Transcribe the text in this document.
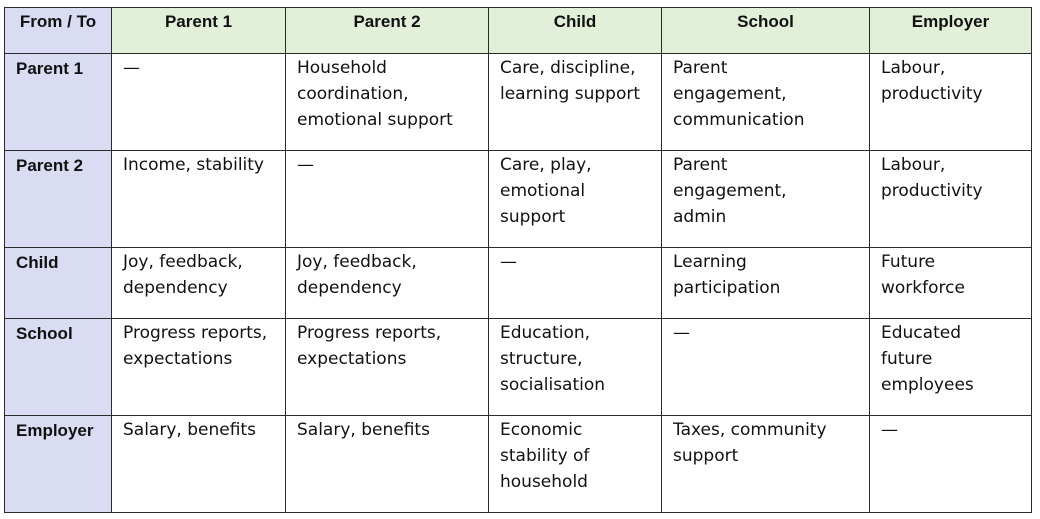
From / To	Parent 1	Parent 2	Child	School	Employer
Parent 1	—	Household
coordination,
emotional support	Care, discipline,
learning support	Parent
engagement,
communication	Labour,
productivity
Parent 2	Income, stability	—	Care, play,
emotional
support	Parent
engagement,
admin	Labour,
productivity
Child	Joy, feedback,
dependency	Joy, feedback,
dependency	—	Learning
participation	Future
workforce
School	Progress reports,
expectations	Progress reports,
expectations	Education,
structure,
socialisation	—	Educated
future
employees
Employer	Salary, benefits	Salary, benefits	Economic
stability of
household	Taxes, community
support	—
